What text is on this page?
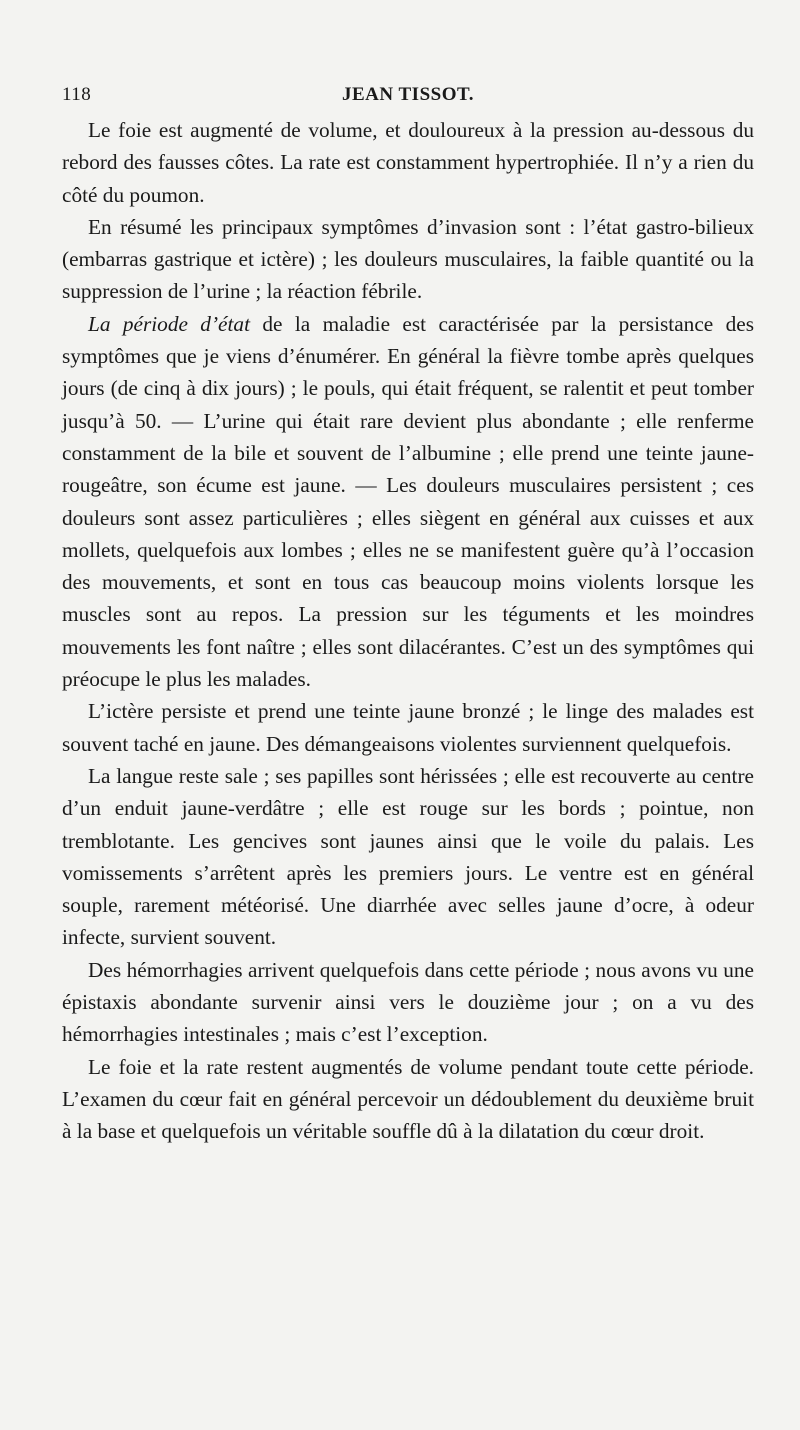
118	JEAN TISSOT.

Le foie est augmenté de volume, et douloureux à la pression au-dessous du rebord des fausses côtes. La rate est constamment hypertrophiée. Il n’y a rien du côté du poumon.

En résumé les principaux symptômes d’invasion sont : l’état gastro-bilieux (embarras gastrique et ictère) ; les douleurs musculaires, la faible quantité ou la suppression de l’urine ; la réaction fébrile.

La période d’état de la maladie est caractérisée par la persistance des symptômes que je viens d’énumérer. En général la fièvre tombe après quelques jours (de cinq à dix jours) ; le pouls, qui était fréquent, se ralentit et peut tomber jusqu’à 50. — L’urine qui était rare devient plus abondante ; elle renferme constamment de la bile et souvent de l’albumine ; elle prend une teinte jaune-rougeâtre, son écume est jaune. — Les douleurs musculaires persistent ; ces douleurs sont assez particulières ; elles siègent en général aux cuisses et aux mollets, quelquefois aux lombes ; elles ne se manifestent guère qu’à l’occasion des mouvements, et sont en tous cas beaucoup moins violents lorsque les muscles sont au repos. La pression sur les téguments et les moindres mouvements les font naître ; elles sont dilacérantes. C’est un des symptômes qui préocupe le plus les malades.

L’ictère persiste et prend une teinte jaune bronzé ; le linge des malades est souvent taché en jaune. Des démangeaisons violentes surviennent quelquefois.

La langue reste sale ; ses papilles sont hérissées ; elle est recouverte au centre d’un enduit jaune-verdâtre ; elle est rouge sur les bords ; pointue, non tremblotante. Les gencives sont jaunes ainsi que le voile du palais. Les vomissements s’arrêtent après les premiers jours. Le ventre est en général souple, rarement météorisé. Une diarrhée avec selles jaune d’ocre, à odeur infecte, survient souvent.

Des hémorrhagies arrivent quelquefois dans cette période ; nous avons vu une épistaxis abondante survenir ainsi vers le douzième jour ; on a vu des hémorrhagies intestinales ; mais c’est l’exception.

Le foie et la rate restent augmentés de volume pendant toute cette période. L’examen du cœur fait en général percevoir un dédoublement du deuxième bruit à la base et quelquefois un véritable souffle dû à la dilatation du cœur droit.
